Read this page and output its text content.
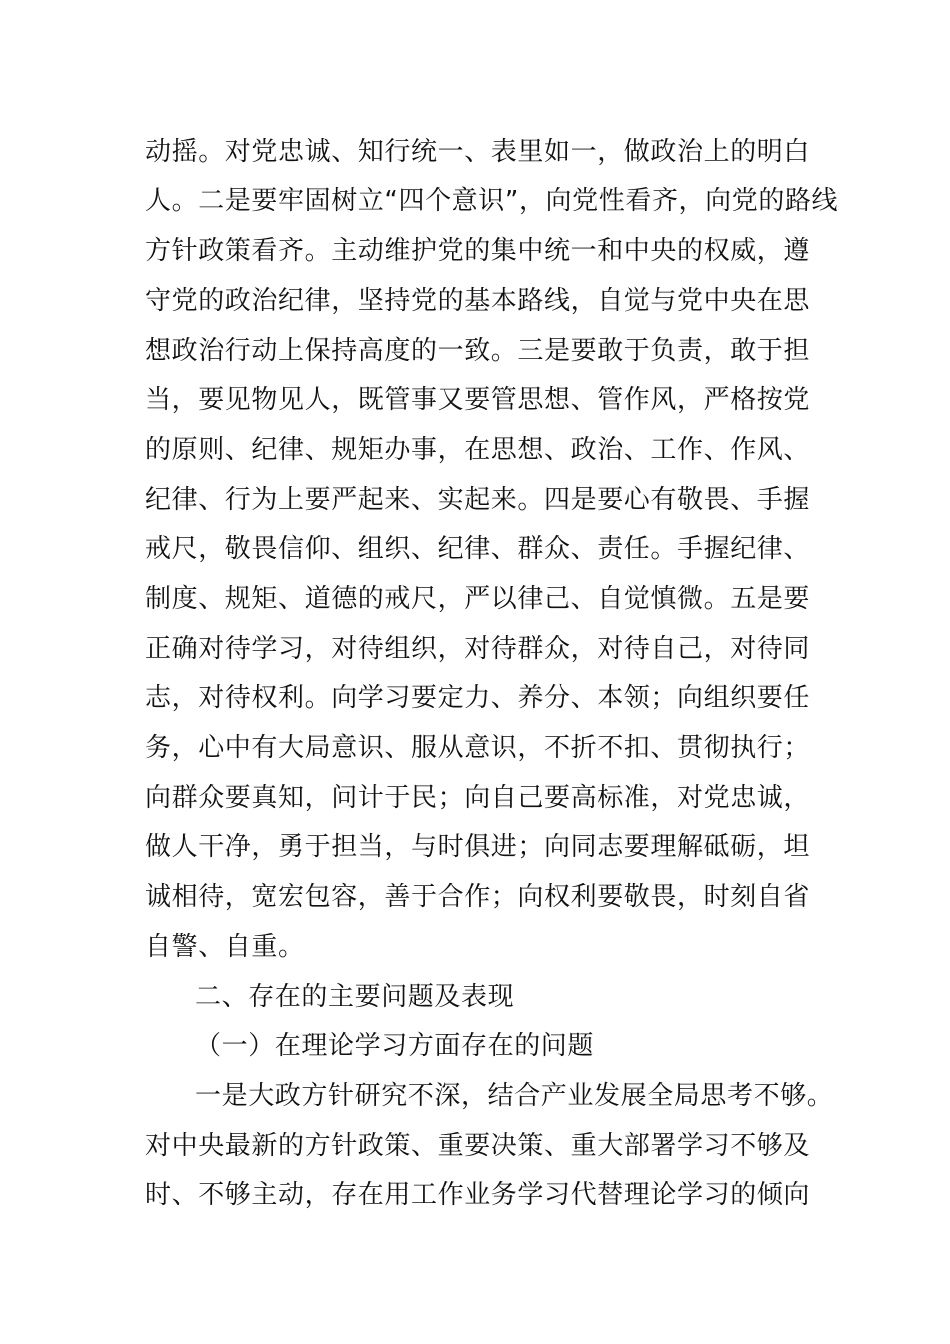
动摇。对党忠诚、知行统一、表里如一，做政治上的明白
人。二是要牢固树立“四个意识”，向党性看齐，向党的路线
方针政策看齐。主动维护党的集中统一和中央的权威，遵
守党的政治纪律，坚持党的基本路线，自觉与党中央在思
想政治行动上保持高度的一致。三是要敢于负责，敢于担
当，要见物见人，既管事又要管思想、管作风，严格按党
的原则、纪律、规矩办事，在思想、政治、工作、作风、
纪律、行为上要严起来、实起来。四是要心有敬畏、手握
戒尺，敬畏信仰、组织、纪律、群众、责任。手握纪律、
制度、规矩、道德的戒尺，严以律己、自觉慎微。五是要
正确对待学习，对待组织，对待群众，对待自己，对待同
志，对待权利。向学习要定力、养分、本领；向组织要任
务，心中有大局意识、服从意识，不折不扣、贯彻执行；
向群众要真知，问计于民；向自己要高标准，对党忠诚，
做人干净，勇于担当，与时俱进；向同志要理解砥砺，坦
诚相待，宽宏包容，善于合作；向权利要敬畏，时刻自省
自警、自重。
二、存在的主要问题及表现
（一）在理论学习方面存在的问题
一是大政方针研究不深，结合产业发展全局思考不够。
对中央最新的方针政策、重要决策、重大部署学习不够及
时、不够主动，存在用工作业务学习代替理论学习的倾向
